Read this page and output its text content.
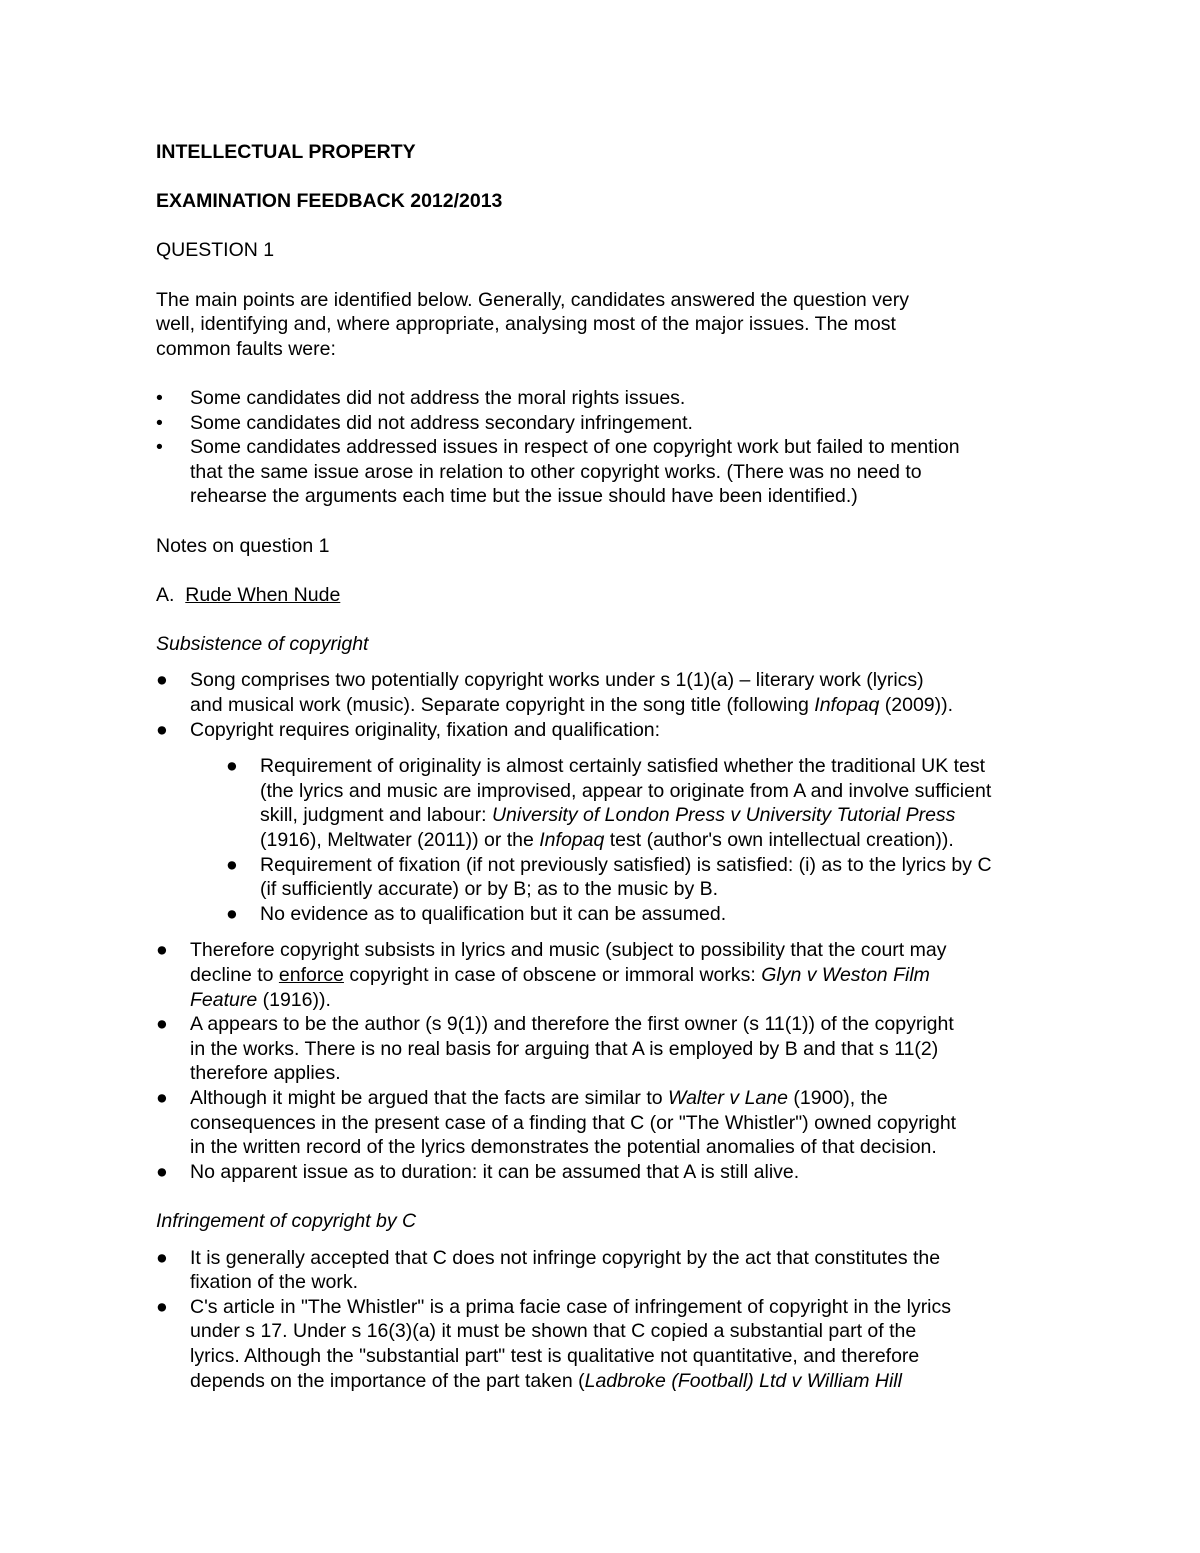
INTELLECTUAL PROPERTY

EXAMINATION FEEDBACK 2012/2013

QUESTION 1

The main points are identified below. Generally, candidates answered the question very
well, identifying and, where appropriate, analysing most of the major issues. The most
common faults were:

•	Some candidates did not address the moral rights issues.
•	Some candidates did not address secondary infringement.
•	Some candidates addressed issues in respect of one copyright work but failed to mention
that the same issue arose in relation to other copyright works. (There was no need to
rehearse the arguments each time but the issue should have been identified.)

Notes on question 1

A. Rude When Nude

Subsistence of copyright

●	Song comprises two potentially copyright works under s 1(1)(a) – literary work (lyrics)
and musical work (music). Separate copyright in the song title (following Infopaq (2009)).
●	Copyright requires originality, fixation and qualification:
●	Requirement of originality is almost certainly satisfied whether the traditional UK test
(the lyrics and music are improvised, appear to originate from A and involve sufficient
skill, judgment and labour: University of London Press v University Tutorial Press
(1916), Meltwater (2011)) or the Infopaq test (author's own intellectual creation)).
●	Requirement of fixation (if not previously satisfied) is satisfied: (i) as to the lyrics by C
(if sufficiently accurate) or by B; as to the music by B.
●	No evidence as to qualification but it can be assumed.
●	Therefore copyright subsists in lyrics and music (subject to possibility that the court may
decline to enforce copyright in case of obscene or immoral works: Glyn v Weston Film
Feature (1916)).
●	A appears to be the author (s 9(1)) and therefore the first owner (s 11(1)) of the copyright
in the works. There is no real basis for arguing that A is employed by B and that s 11(2)
therefore applies.
●	Although it might be argued that the facts are similar to Walter v Lane (1900), the
consequences in the present case of a finding that C (or "The Whistler") owned copyright
in the written record of the lyrics demonstrates the potential anomalies of that decision.
●	No apparent issue as to duration: it can be assumed that A is still alive.

Infringement of copyright by C

●	It is generally accepted that C does not infringe copyright by the act that constitutes the
fixation of the work.
●	C's article in "The Whistler" is a prima facie case of infringement of copyright in the lyrics
under s 17. Under s 16(3)(a) it must be shown that C copied a substantial part of the
lyrics. Although the "substantial part" test is qualitative not quantitative, and therefore
depends on the importance of the part taken (Ladbroke (Football) Ltd v William Hill
